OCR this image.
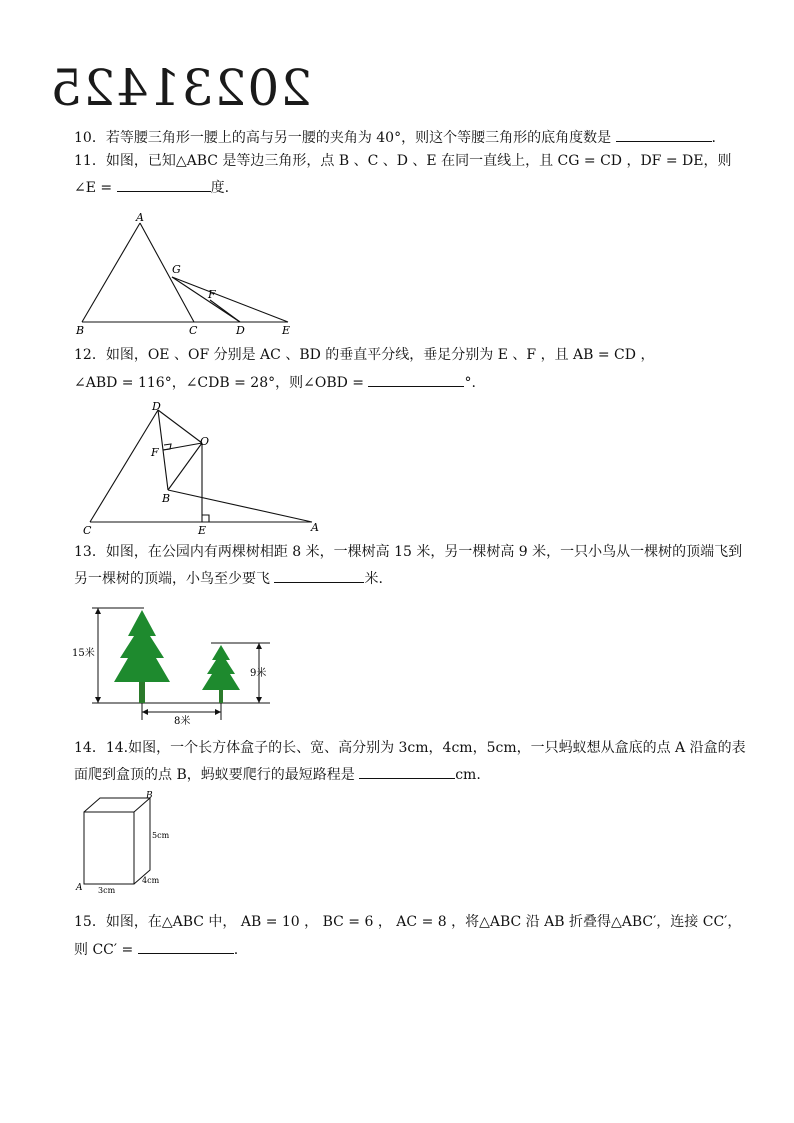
20231425
10．若等腰三角形一腰上的高与另一腰的夹角为 40°，则这个等腰三角形的底角度数是	.
11．如图，已知△ABC 是等边三角形，点 B 、C 、D 、E 在同一直线上，且 CG = CD ，DF = DE，则
∠E =	度.
A
G
F
B	C	D	E
12．如图，OE 、OF 分别是 AC 、BD 的垂直平分线，垂足分别为 E 、F ，且 AB = CD ，
∠ABD = 116°，∠CDB = 28°，则∠OBD =	°.
D
O
F
B
C	E	A
13．如图，在公园内有两棵树相距 8 米，一棵树高 15 米，另一棵树高 9 米，一只小鸟从一棵树的顶端飞到
另一棵树的顶端，小鸟至少要飞	米.
15米
9米
8米
14．14.如图，一个长方体盒子的长、宽、高分别为 3cm，4cm，5cm，一只蚂蚁想从盒底的点 A 沿盒的表
面爬到盒顶的点 B，蚂蚁要爬行的最短路程是	cm.
B
A
5cm
4cm
3cm
15．如图，在△ABC 中， AB = 10 ， BC = 6 ， AC = 8 ，将△ABC 沿 AB 折叠得△ABC′，连接 CC′，
则 CC′ =	.
